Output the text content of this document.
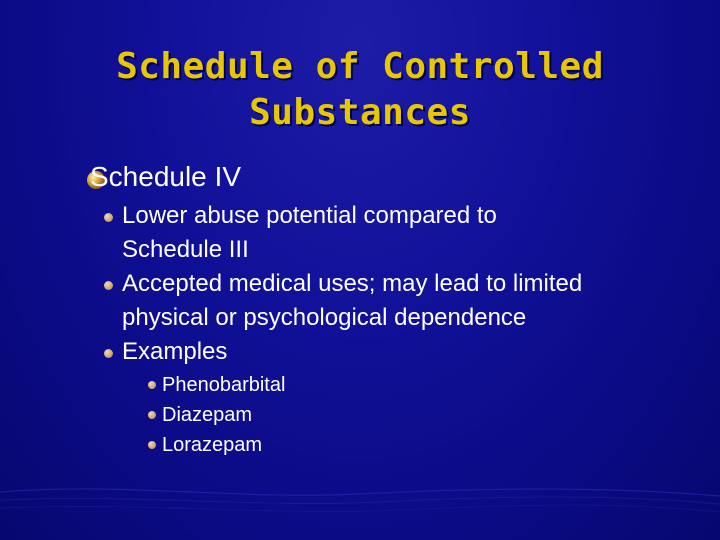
Schedule of Controlled
Substances
Schedule IV
Lower abuse potential compared to
Schedule III
Accepted medical uses; may lead to limited
physical or psychological dependence
Examples
Phenobarbital
Diazepam
Lorazepam
